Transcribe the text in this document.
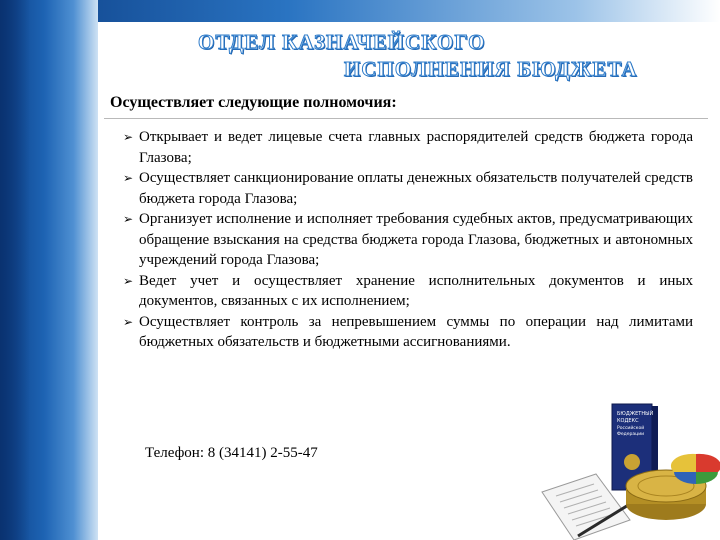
ОТДЕЛ КАЗНАЧЕЙСКОГО
ИСПОЛНЕНИЯ БЮДЖЕТА
Осуществляет следующие полномочия:
➢ Открывает и ведет лицевые счета главных распорядителей средств бюджета города Глазова;
➢ Осуществляет санкционирование оплаты денежных обязательств получателей средств бюджета города Глазова;
➢ Организует исполнение и исполняет требования судебных актов, предусматривающих обращение взыскания на средства бюджета города Глазова, бюджетных и автономных учреждений города Глазова;
➢ Ведет учет и осуществляет хранение исполнительных документов и иных документов, связанных с их исполнением;
➢ Осуществляет контроль за непревышением суммы по операции над лимитами бюджетных обязательств и бюджетными ассигнованиями.
Телефон: 8 (34141) 2-55-47
БЮДЖЕТНЫЙ
КОДЕКС
Российской
Федерации
